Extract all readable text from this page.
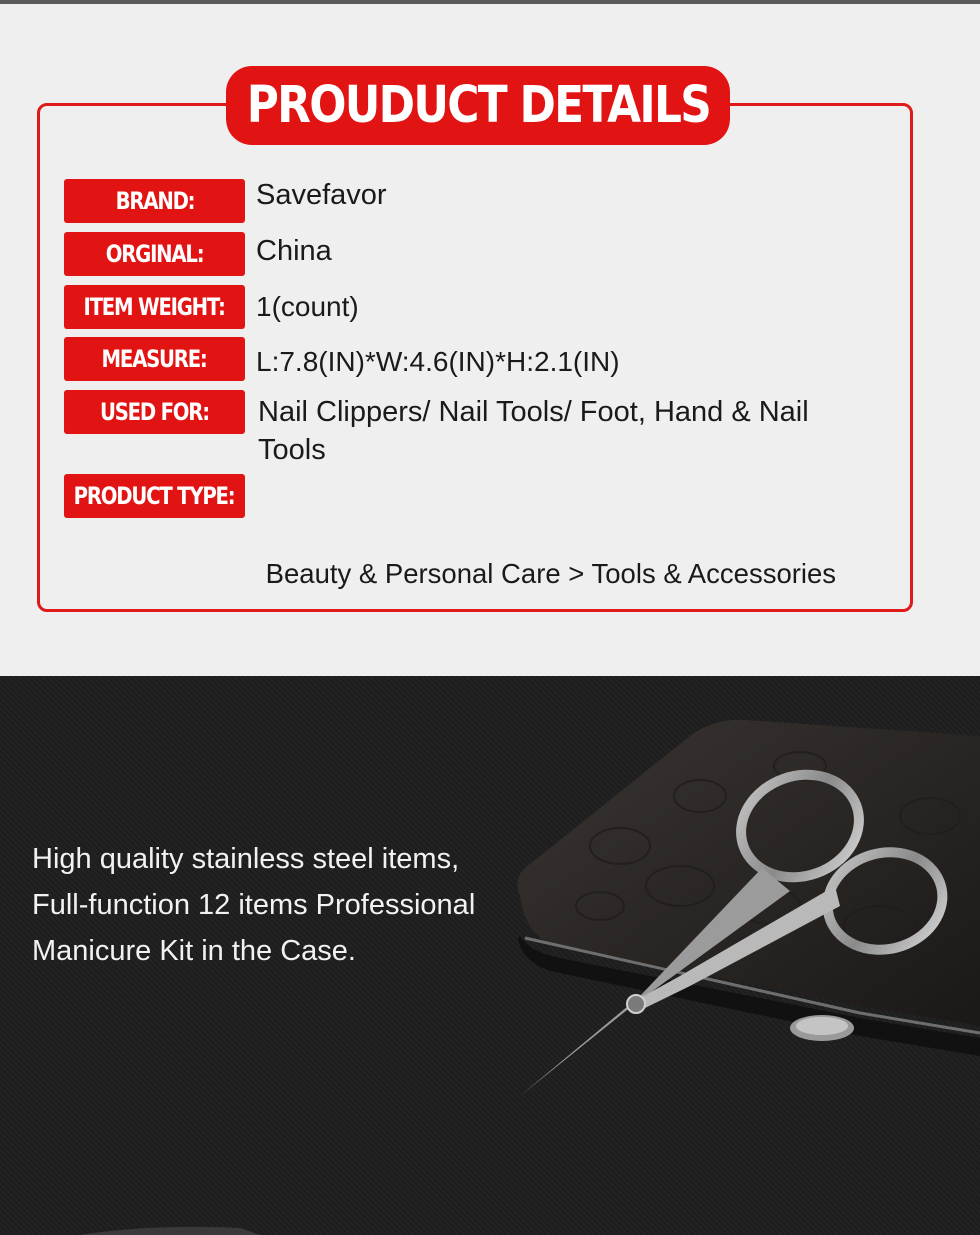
PROUDUCT DETAILS
BRAND: Savefavor
ORGINAL: China
ITEM WEIGHT: 1(count)
MEASURE: L:7.8(IN)*W:4.6(IN)*H:2.1(IN)
USED FOR: Nail Clippers/ Nail Tools/ Foot, Hand & Nail
Tools
PRODUCT TYPE:

Beauty & Personal Care > Tools & Accessories

High quality stainless steel items,
Full-function 12 items Professional
Manicure Kit in the Case.
